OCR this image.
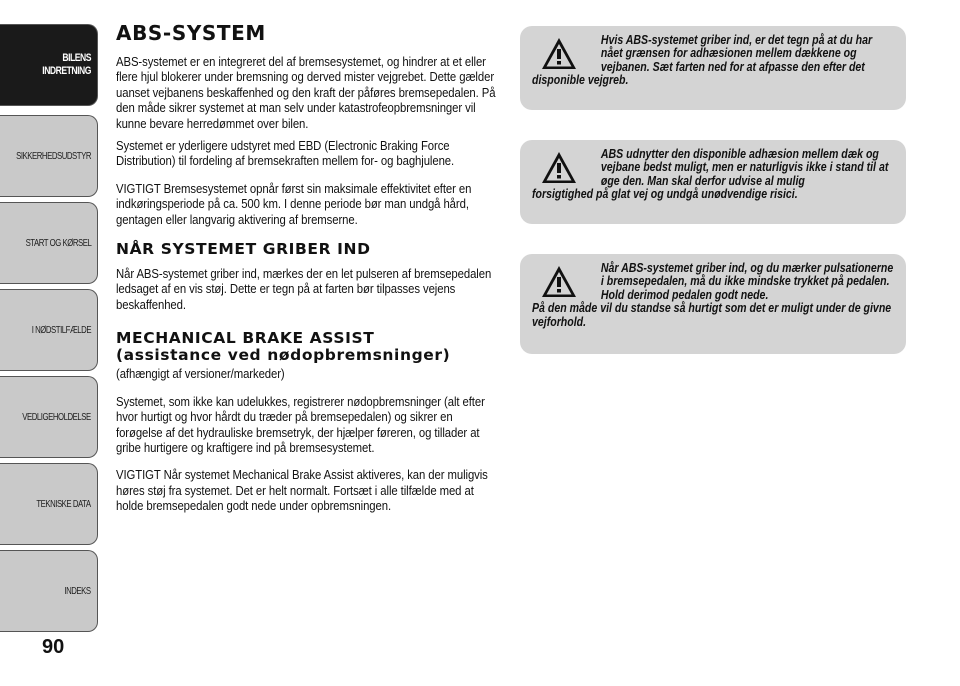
BILENS INDRETNING
SIKKERHEDSUDSTYR
START OG KØRSEL
I NØDSTILFÆLDE
VEDLIGEHOLDELSE
TEKNISKE DATA
INDEKS
90
ABS-SYSTEM

ABS-systemet er en integreret del af bremsesystemet, og hindrer at et eller flere hjul blokerer under bremsning og derved mister vejgrebet. Dette gælder uanset vejbanens beskaffenhed og den kraft der påføres bremsepedalen. På den måde sikrer systemet at man selv under katastrofeopbremsninger vil kunne bevare herredømmet over bilen.

Systemet er yderligere udstyret med EBD (Electronic Braking Force Distribution) til fordeling af bremsekraften mellem for- og baghjulene.

VIGTIGT Bremsesystemet opnår først sin maksimale effektivitet efter en indkøringsperiode på ca. 500 km. I denne periode bør man undgå hård, gentagen eller langvarig aktivering af bremserne.

NÅR SYSTEMET GRIBER IND

Når ABS-systemet griber ind, mærkes der en let pulseren af bremsepedalen ledsaget af en vis støj. Dette er tegn på at farten bør tilpasses vejens beskaffenhed.

MECHANICAL BRAKE ASSIST
(assistance ved nødopbremsninger)

(afhængigt af versioner/markeder)

Systemet, som ikke kan udelukkes, registrerer nødopbremsninger (alt efter hvor hurtigt og hvor hårdt du træder på bremsepedalen) og sikrer en forøgelse af det hydrauliske bremsetryk, der hjælper føreren, og tillader at gribe hurtigere og kraftigere ind på bremsesystemet.

VIGTIGT Når systemet Mechanical Brake Assist aktiveres, kan der muligvis høres støj fra systemet. Det er helt normalt. Fortsæt i alle tilfælde med at holde bremsepedalen godt nede under opbremsningen.

Hvis ABS-systemet griber ind, er det tegn på at du har nået grænsen for adhæsionen mellem dækkene og vejbanen. Sæt farten ned for at afpasse den efter det
disponible vejgreb.
ABS udnytter den disponible adhæsion mellem dæk og vejbane bedst muligt, men er naturligvis ikke i stand til at øge den. Man skal derfor udvise al mulig
forsigtighed på glat vej og undgå unødvendige risici.
Når ABS-systemet griber ind, og du mærker pulsationerne i bremsepedalen, må du ikke mindske trykket på pedalen. Hold derimod pedalen godt nede.
På den måde vil du standse så hurtigt som det er muligt under de givne vejforhold.
